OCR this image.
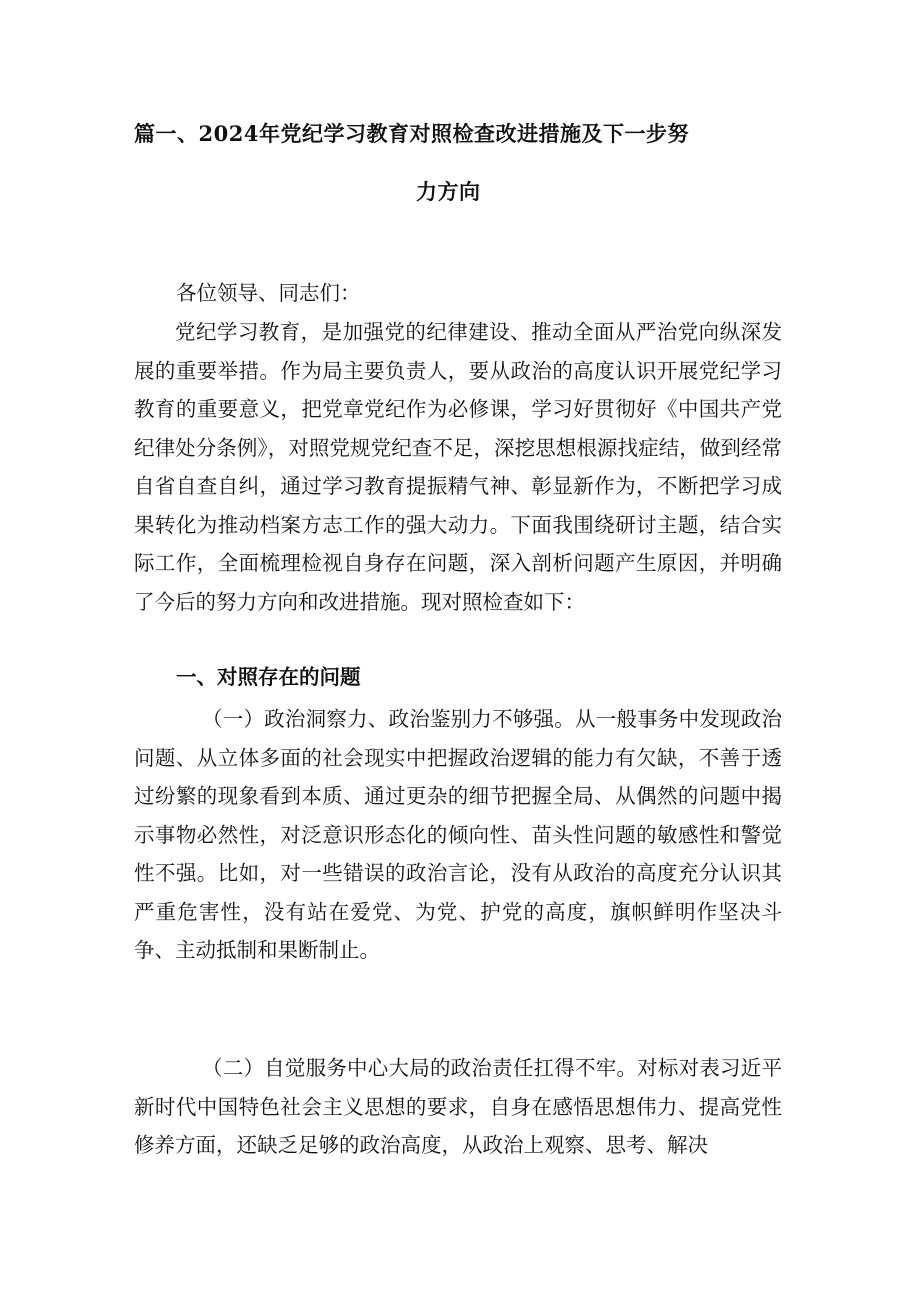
篇一、2024年党纪学习教育对照检查改进措施及下一步努
力方向
各位领导、同志们：
党纪学习教育，是加强党的纪律建设、推动全面从严治党向纵深发展的重要举措。作为局主要负责人，要从政治的高度认识开展党纪学习教育的重要意义，把党章党纪作为必修课，学习好贯彻好《中国共产党纪律处分条例》，对照党规党纪查不足，深挖思想根源找症结，做到经常自省自查自纠，通过学习教育提振精气神、彰显新作为，不断把学习成果转化为推动档案方志工作的强大动力。下面我围绕研讨主题，结合实际工作，全面梳理检视自身存在问题，深入剖析问题产生原因，并明确了今后的努力方向和改进措施。现对照检查如下：
一、对照存在的问题
（一）政治洞察力、政治鉴别力不够强。从一般事务中发现政治问题、从立体多面的社会现实中把握政治逻辑的能力有欠缺，不善于透过纷繁的现象看到本质、通过更杂的细节把握全局、从偶然的问题中揭示事物必然性，对泛意识形态化的倾向性、苗头性问题的敏感性和警觉性不强。比如，对一些错误的政治言论，没有从政治的高度充分认识其严重危害性，没有站在爱党、为党、护党的高度，旗帜鲜明作坚决斗争、主动抵制和果断制止。
（二）自觉服务中心大局的政治责任扛得不牢。对标对表习近平新时代中国特色社会主义思想的要求，自身在感悟思想伟力、提高党性修养方面，还缺乏足够的政治高度，从政治上观察、思考、解决
